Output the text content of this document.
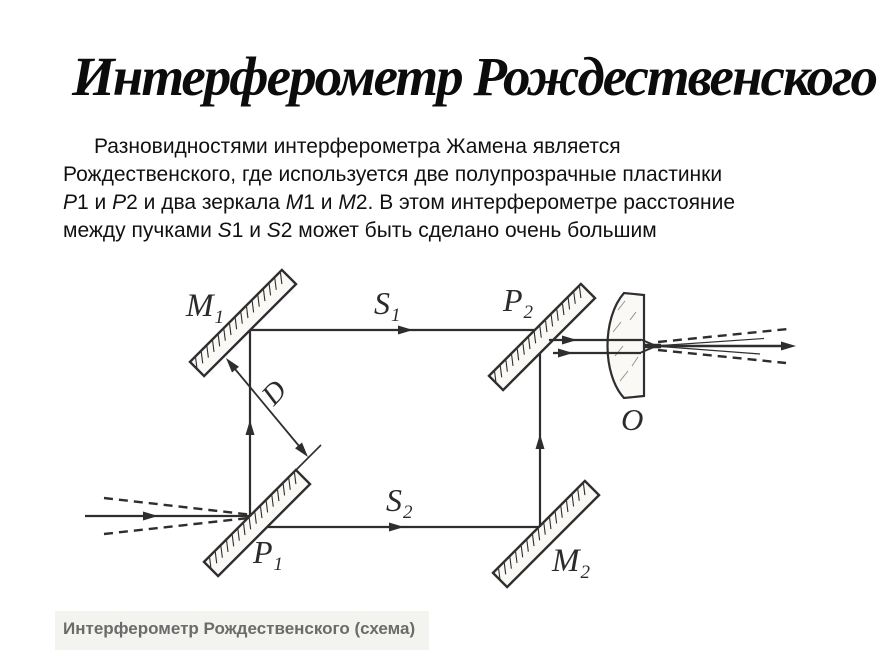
Интерферометр Рождественского
Разновидностями интерферометра Жамена является
Рождественского, где используется две полупрозрачные пластинки
P1 и P2 и два зеркала M1 и M2. В этом интерферометре расстояние
между пучками S1 и S2 может быть сделано очень большим
$M_1$	$S_1$	$P_2$
D
$P_1$
$S_2$
$M_2$
O
Интерферометр Рождественского (схема)
